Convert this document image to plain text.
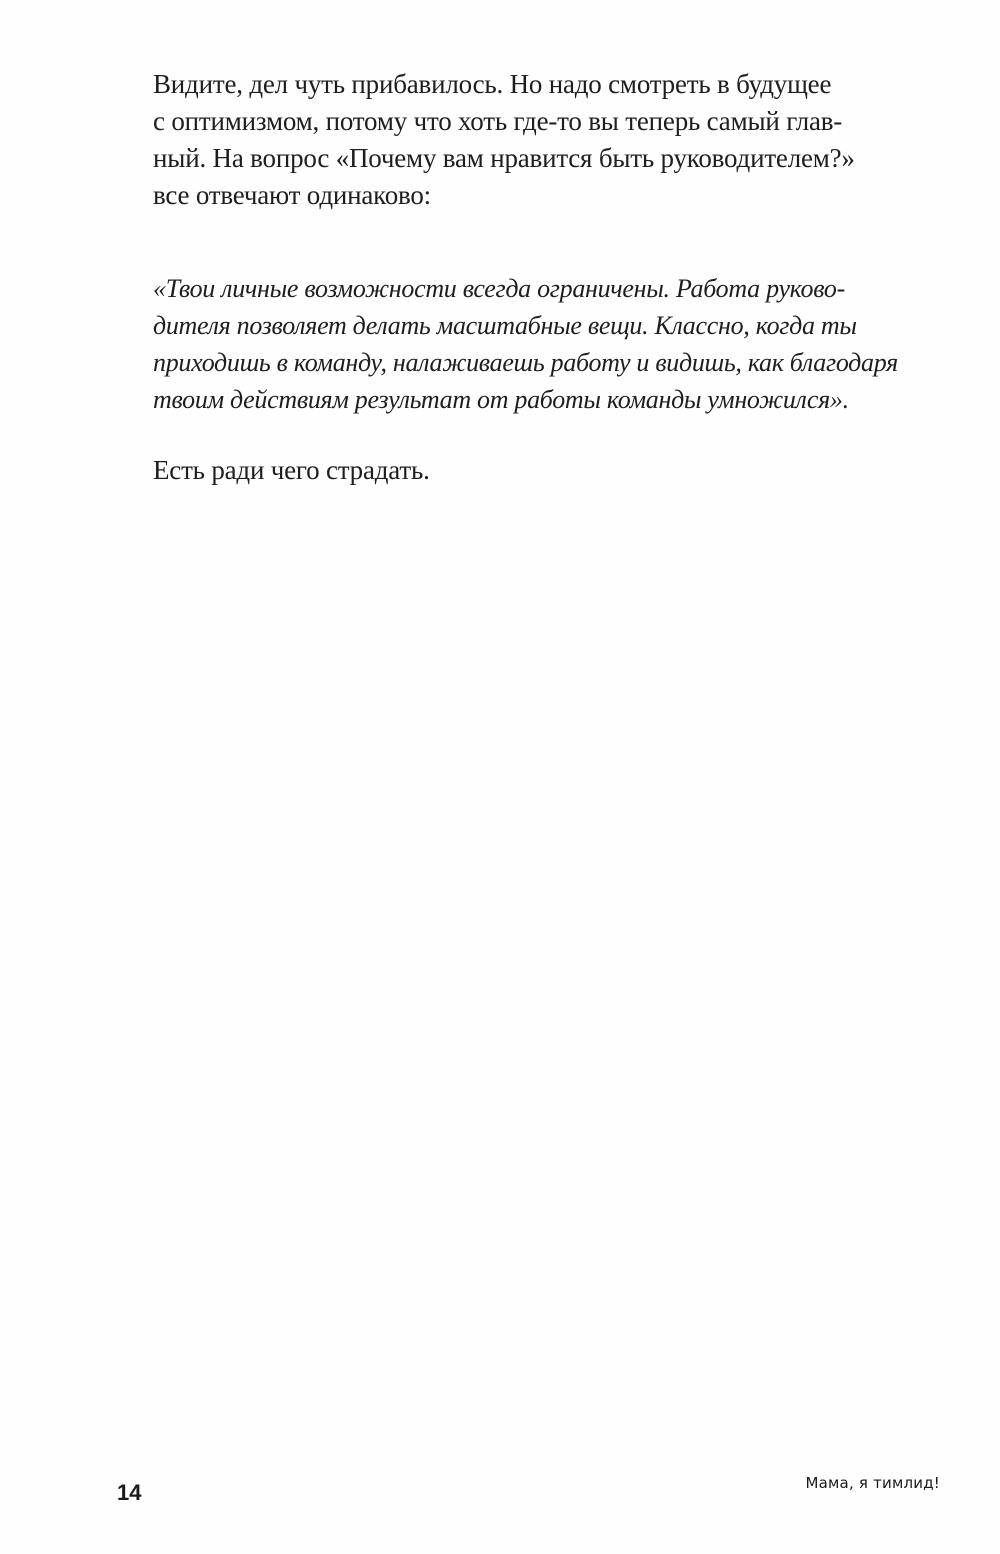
Видите, дел чуть прибавилось. Но надо смотреть в будущее
с оптимизмом, потому что хоть где-то вы теперь самый глав-
ный. На вопрос «Почему вам нравится быть руководителем?»
все отвечают одинаково:

«Твои личные возможности всегда ограничены. Работа руково-
дителя позволяет делать масштабные вещи. Классно, когда ты
приходишь в команду, налаживаешь работу и видишь, как благодаря
твоим действиям результат от работы команды умножился».

Есть ради чего страдать.

14	Мама, я тимлид!
